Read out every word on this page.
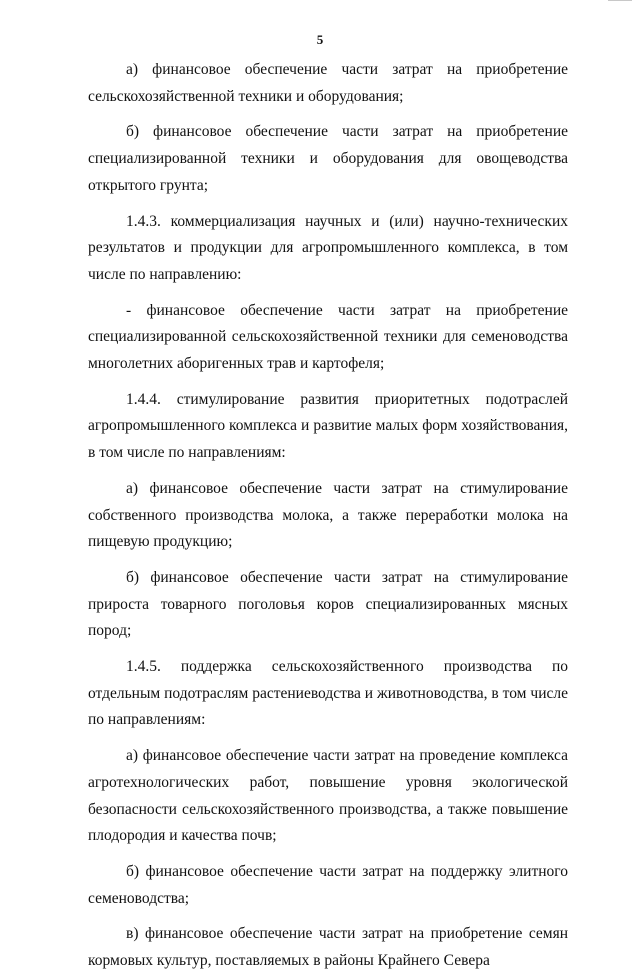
5

а) финансовое обеспечение части затрат на приобретение сельскохозяйственной техники и оборудования;

б) финансовое обеспечение части затрат на приобретение специализированной техники и оборудования для овощеводства открытого грунта;

1.4.3. коммерциализация научных и (или) научно-технических результатов и продукции для агропромышленного комплекса, в том числе по направлению:

- финансовое обеспечение части затрат на приобретение специализированной сельскохозяйственной техники для семеноводства многолетних аборигенных трав и картофеля;

1.4.4. стимулирование развития приоритетных подотраслей агропромышленного комплекса и развитие малых форм хозяйствования, в том числе по направлениям:

а) финансовое обеспечение части затрат на стимулирование собственного производства молока, а также переработки молока на пищевую продукцию;

б) финансовое обеспечение части затрат на стимулирование прироста товарного поголовья коров специализированных мясных пород;

1.4.5. поддержка сельскохозяйственного производства по отдельным подотраслям растениеводства и животноводства, в том числе по направлениям:

а) финансовое обеспечение части затрат на проведение комплекса агротехнологических работ, повышение уровня экологической безопасности сельскохозяйственного производства, а также повышение плодородия и качества почв;

б) финансовое обеспечение части затрат на поддержку элитного семеноводства;

в) финансовое обеспечение части затрат на приобретение семян кормовых культур, поставляемых в районы Крайнего Севера
